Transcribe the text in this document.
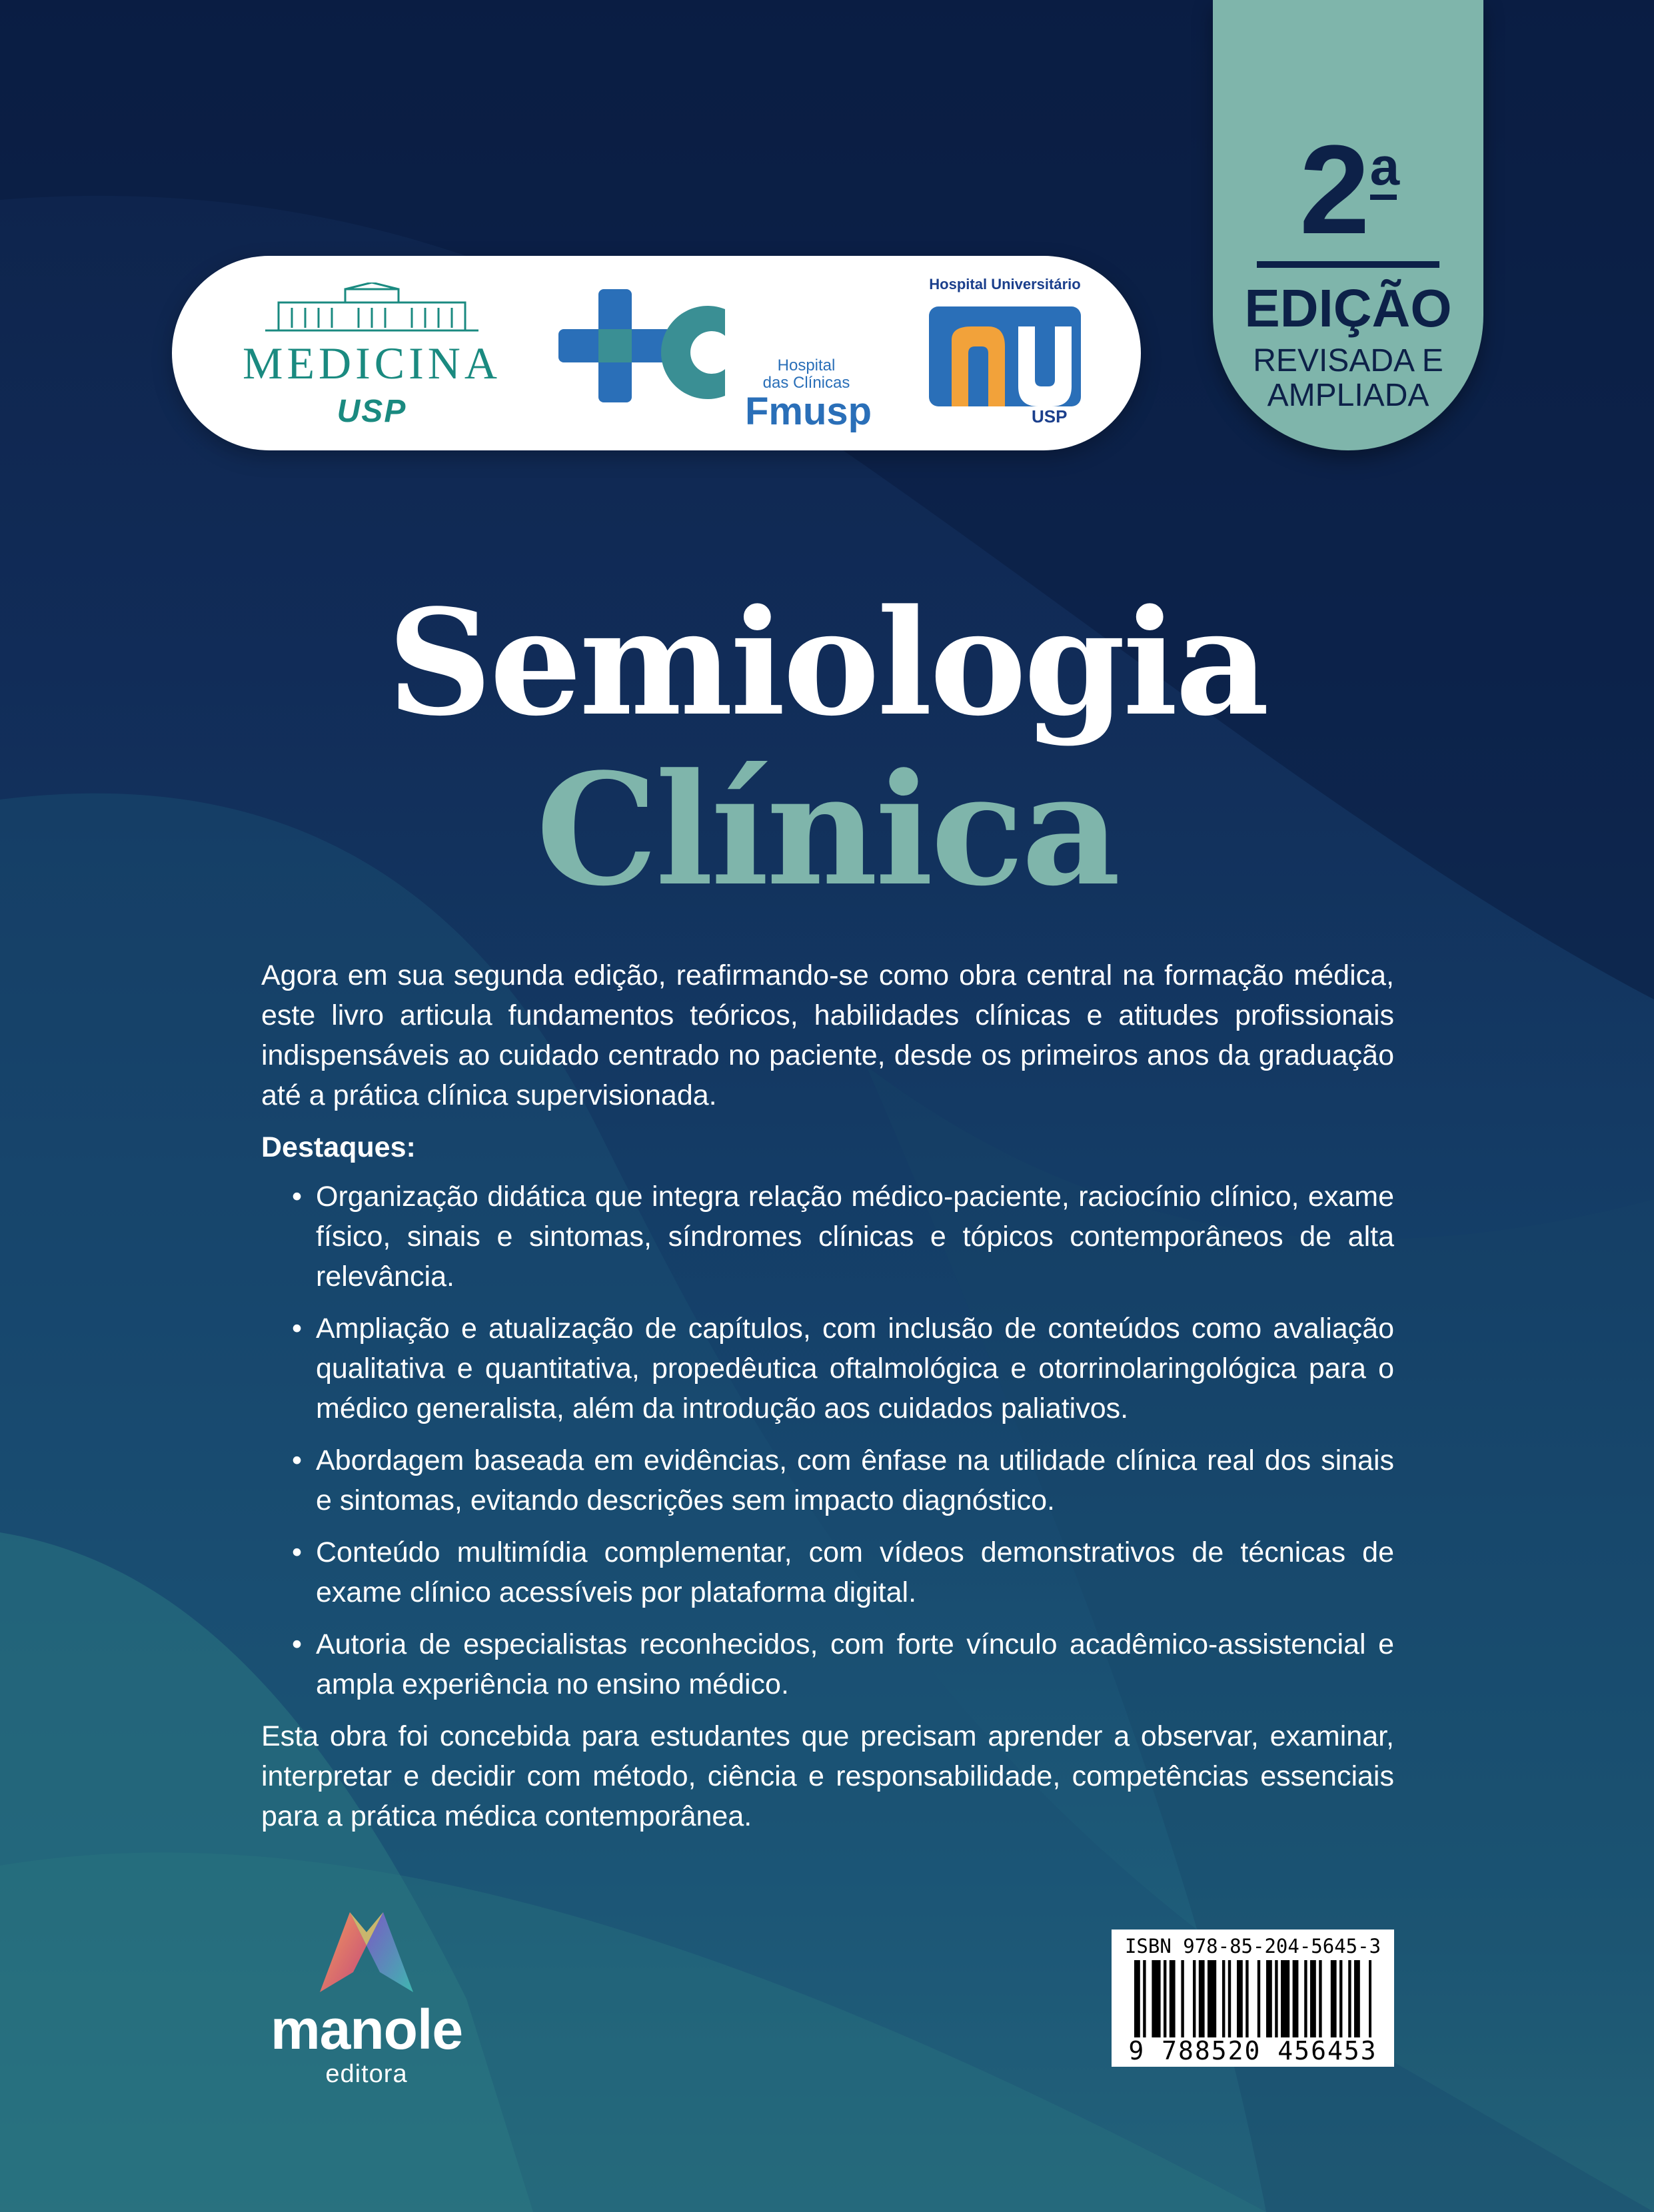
2a
EDIÇÃO
REVISADA E
AMPLIADA
MEDICINA
USP
Hospital
das Clínicas
Fmusp
Hospital Universitário
USP
Semiologia
Clínica

Agora em sua segunda edição, reafirmando-se como obra central na formação médica, este livro articula fundamentos teóricos, habilidades clínicas e atitudes profissionais indispensáveis ao cuidado centrado no paciente, desde os primeiros anos da graduação até a prática clínica supervisionada.

Destaques:
• Organização didática que integra relação médico-paciente, raciocínio clínico, exame físico, sinais e sintomas, síndromes clínicas e tópicos contemporâneos de alta relevância.
• Ampliação e atualização de capítulos, com inclusão de conteúdos como avaliação qualitativa e quantitativa, propedêutica oftalmológica e otorrinolaringológica para o médico generalista, além da introdução aos cuidados paliativos.
• Abordagem baseada em evidências, com ênfase na utilidade clínica real dos sinais e sintomas, evitando descrições sem impacto diagnóstico.
• Conteúdo multimídia complementar, com vídeos demonstrativos de técnicas de exame clínico acessíveis por plataforma digital.
• Autoria de especialistas reconhecidos, com forte vínculo acadêmico-assistencial e ampla experiência no ensino médico.

Esta obra foi concebida para estudantes que precisam aprender a observar, examinar, interpretar e decidir com método, ciência e responsabilidade, competências essenciais para a prática médica contemporânea.

manole
editora
ISBN 978-85-204-5645-3
9 788520 456453
